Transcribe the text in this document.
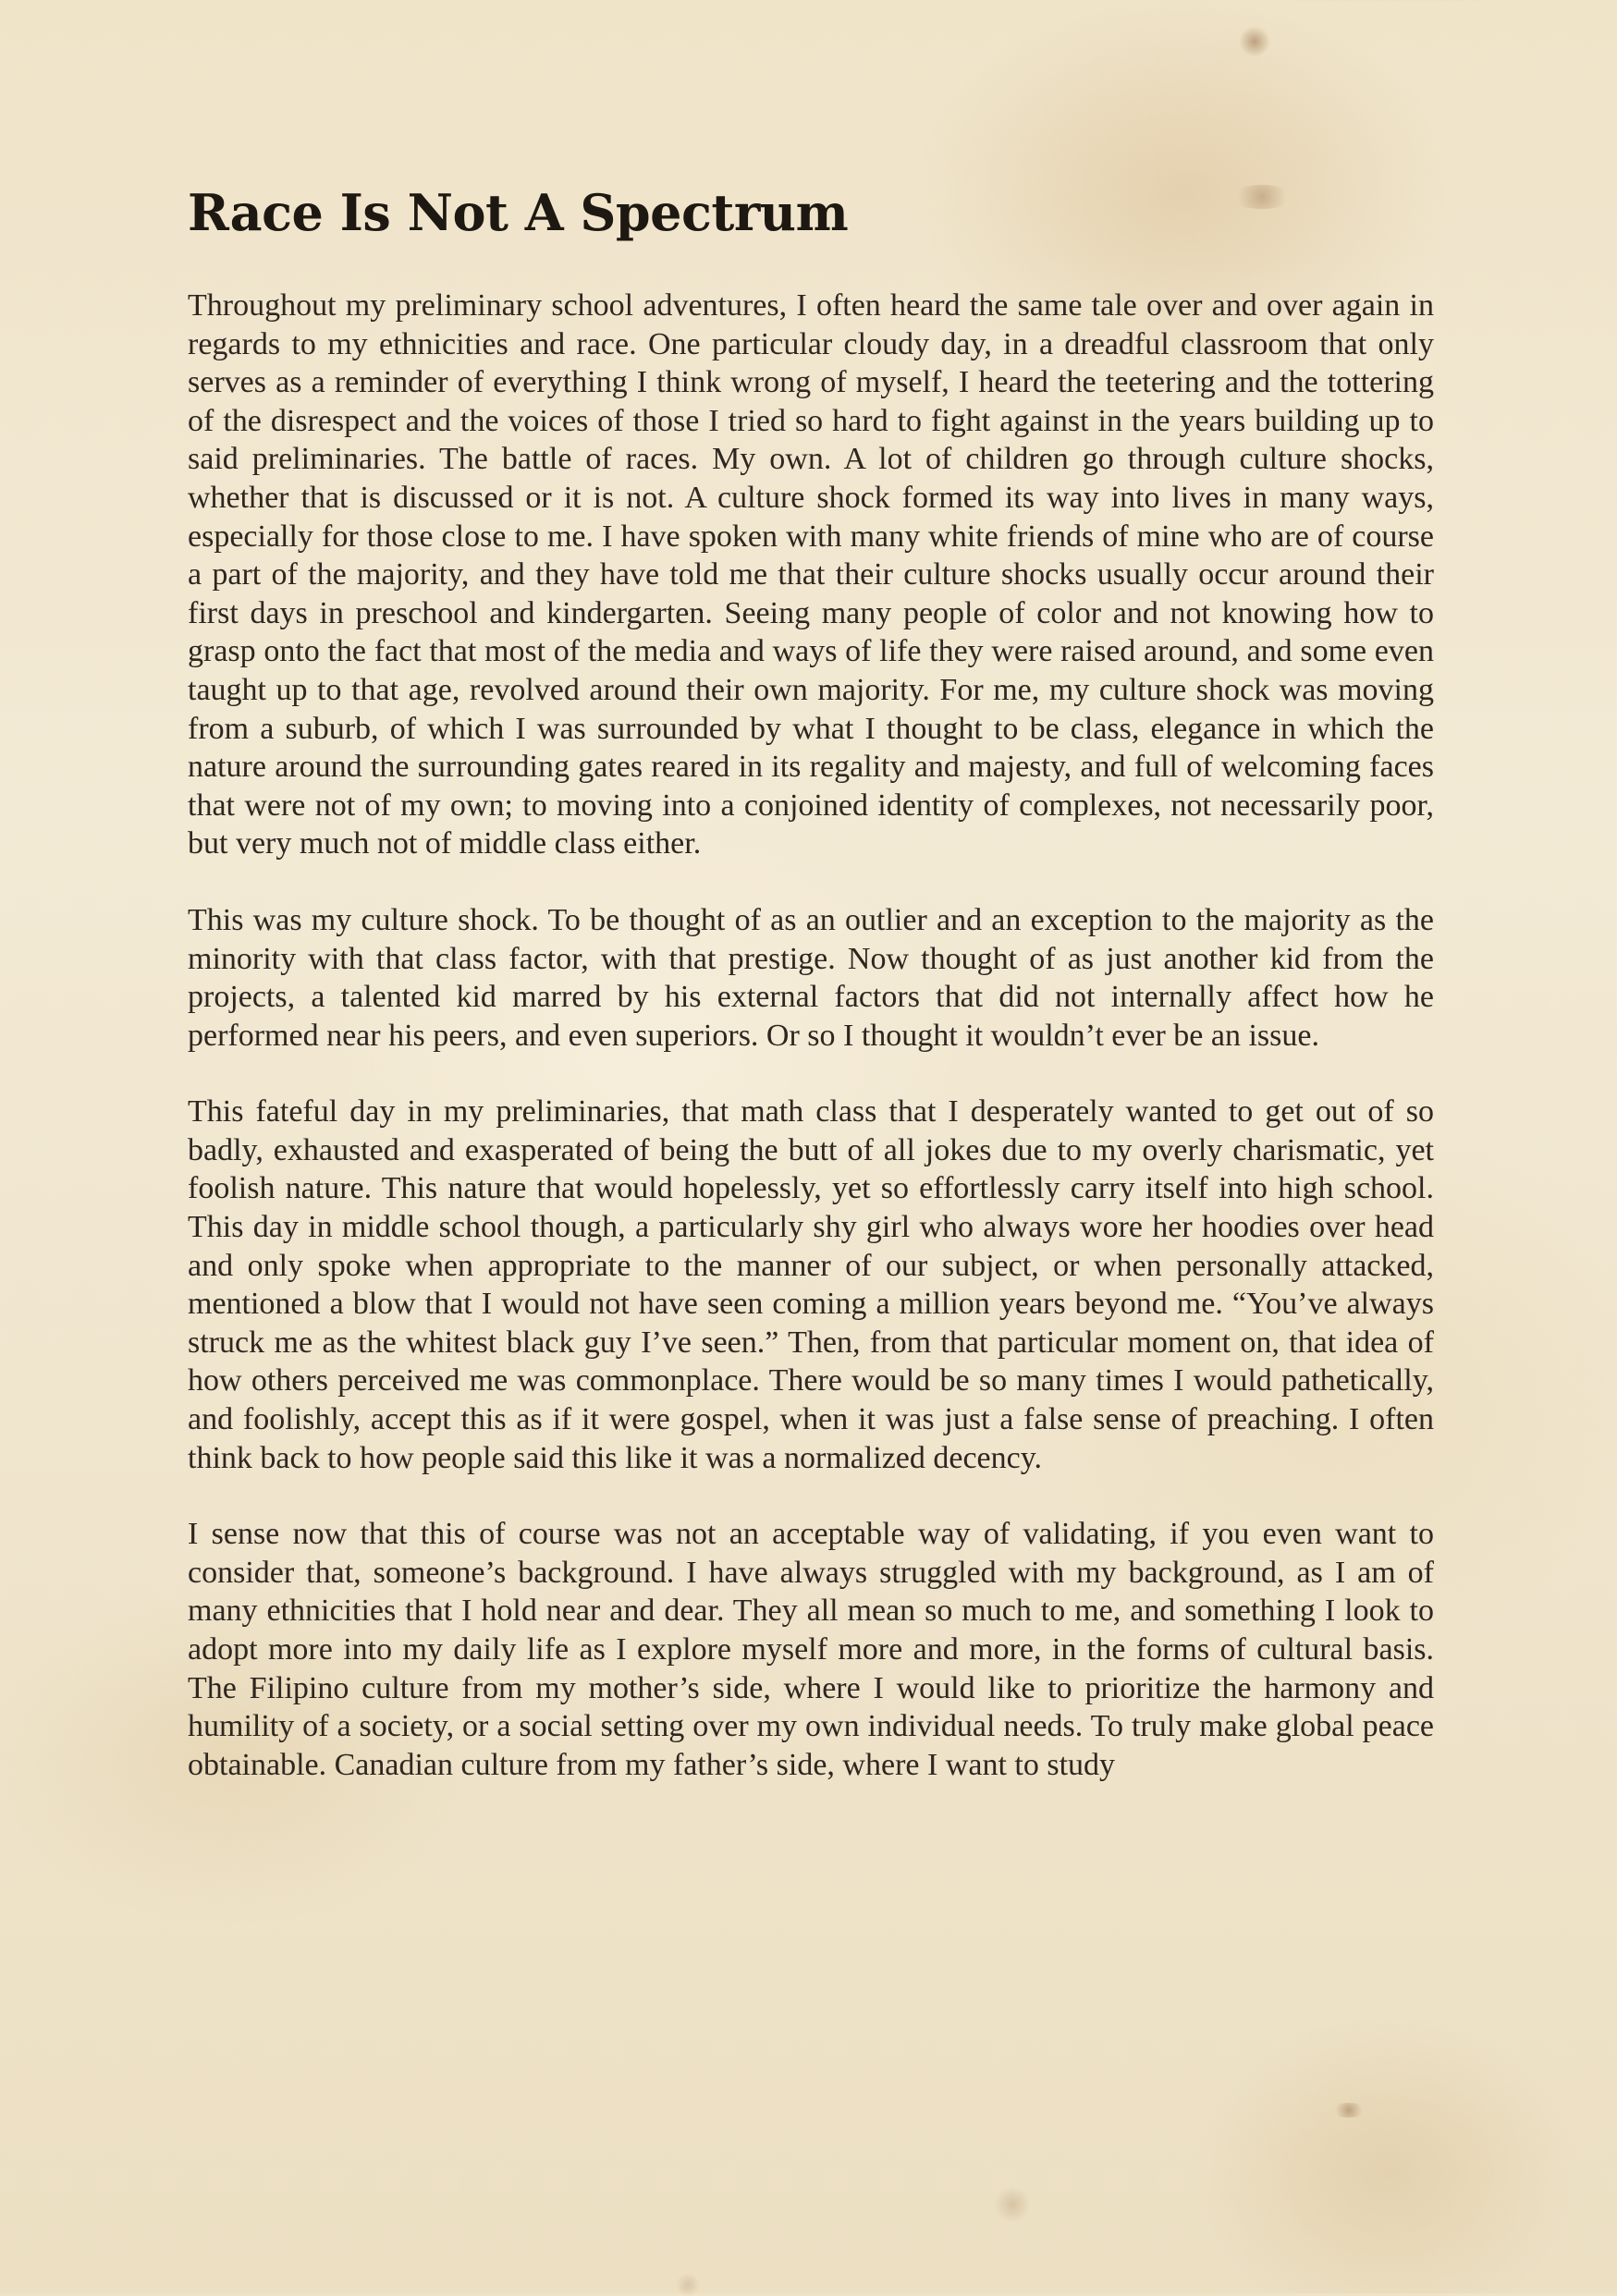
Race Is Not A Spectrum

Throughout my preliminary school adventures, I often heard the same tale over and over again in regards to my ethnicities and race. One particular cloudy day, in a dreadful classroom that only serves as a reminder of everything I think wrong of myself, I heard the teetering and the tottering of the disrespect and the voices of those I tried so hard to fight against in the years building up to said preliminaries. The battle of races. My own. A lot of children go through culture shocks, whether that is discussed or it is not. A culture shock formed its way into lives in many ways, especially for those close to me. I have spoken with many white friends of mine who are of course a part of the majority, and they have told me that their culture shocks usually occur around their first days in preschool and kindergarten. Seeing many people of color and not knowing how to grasp onto the fact that most of the media and ways of life they were raised around, and some even taught up to that age, revolved around their own majority. For me, my culture shock was moving from a suburb, of which I was surrounded by what I thought to be class, elegance in which the nature around the surrounding gates reared in its regality and majesty, and full of welcoming faces that were not of my own; to moving into a conjoined identity of complexes, not necessarily poor, but very much not of middle class either.

This was my culture shock. To be thought of as an outlier and an exception to the majority as the minority with that class factor, with that prestige. Now thought of as just another kid from the projects, a talented kid marred by his external factors that did not internally affect how he performed near his peers, and even superiors. Or so I thought it wouldn’t ever be an issue.

This fateful day in my preliminaries, that math class that I desperately wanted to get out of so badly, exhausted and exasperated of being the butt of all jokes due to my overly charismatic, yet foolish nature. This nature that would hopelessly, yet so effortlessly carry itself into high school. This day in middle school though, a particularly shy girl who always wore her hoodies over head and only spoke when appropriate to the manner of our subject, or when personally attacked, mentioned a blow that I would not have seen coming a million years beyond me. “You’ve always struck me as the whitest black guy I’ve seen.” Then, from that particular moment on, that idea of how others perceived me was commonplace. There would be so many times I would pathetically, and foolishly, accept this as if it were gospel, when it was just a false sense of preaching. I often think back to how people said this like it was a normalized decency.

I sense now that this of course was not an acceptable way of validating, if you even want to consider that, someone’s background. I have always struggled with my background, as I am of many ethnicities that I hold near and dear. They all mean so much to me, and something I look to adopt more into my daily life as I explore myself more and more, in the forms of cultural basis. The Filipino culture from my mother’s side, where I would like to prioritize the harmony and humility of a society, or a social setting over my own individual needs. To truly make global peace obtainable. Canadian culture from my father’s side, where I want to study
